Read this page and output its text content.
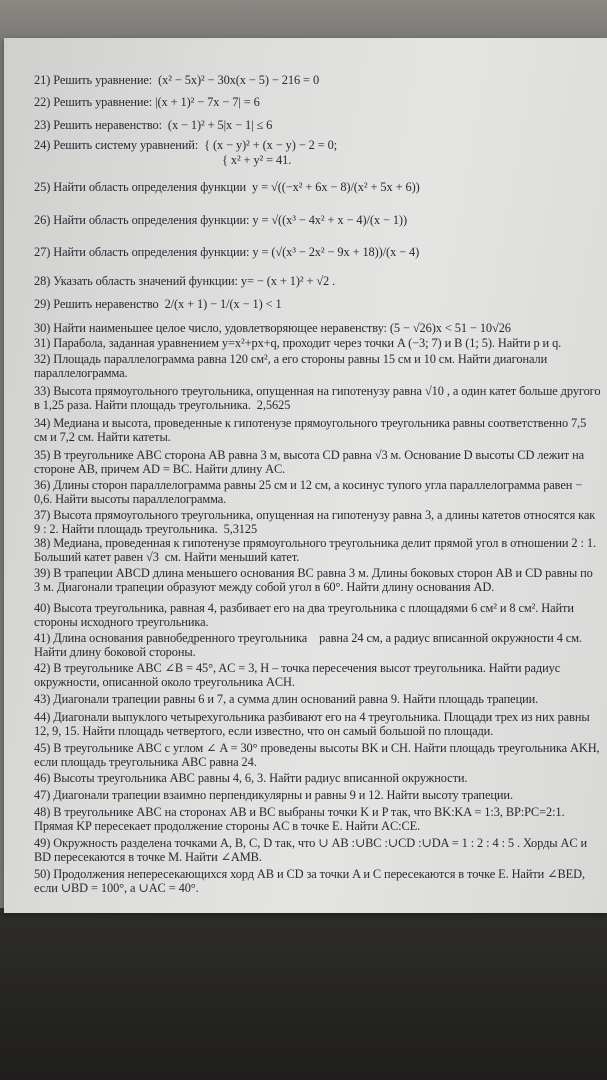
21) Решить уравнение:  (x² − 5x)² − 30x(x − 5) − 216 = 0
22) Решить уравнение: |(x + 1)² − 7x − 7| = 6
23) Решить неравенство:  (x − 1)² + 5|x − 1| ≤ 6
24) Решить систему уравнений:  { (x − y)² + (x − y) − 2 = 0;
{ x² + y² = 41.
25) Найти область определения функции  y = √((−x² + 6x − 8)/(x² + 5x + 6))
26) Найти область определения функции: y = √((x³ − 4x² + x − 4)/(x − 1))
27) Найти область определения функции: y = (√(x³ − 2x² − 9x + 18))/(x − 4)
28) Указать область значений функции: y= − (x + 1)² + √2 .
29) Решить неравенство  2/(x + 1) − 1/(x − 1) < 1
30) Найти наименьшее целое число, удовлетворяющее неравенству: (5 − √26)x < 51 − 10√26
31) Парабола, заданная уравнением y=x²+px+q, проходит через точки A (−3; 7) и B (1; 5). Найти p и q.
32) Площадь параллелограмма равна 120 см², а его стороны равны 15 см и 10 см. Найти диагонали параллелограмма.
33) Высота прямоугольного треугольника, опущенная на гипотенузу равна √10 , а один катет больше другого в 1,25 раза. Найти площадь треугольника.  2,5625
34) Медиана и высота, проведенные к гипотенузе прямоугольного треугольника равны соответственно 7,5 см и 7,2 см. Найти катеты.
35) В треугольнике ABC сторона AB равна 3 м, высота CD равна √3 м. Основание D высоты CD лежит на стороне AB, причем AD = BC. Найти длину AC.
36) Длины сторон параллелограмма равны 25 см и 12 см, а косинус тупого угла параллелограмма равен − 0,6. Найти высоты параллелограмма.
37) Высота прямоугольного треугольника, опущенная на гипотенузу равна 3, а длины катетов относятся как 9 : 2. Найти площадь треугольника.  5,3125
38) Медиана, проведенная к гипотенузе прямоугольного треугольника делит прямой угол в отношении 2 : 1. Больший катет равен √3  см. Найти меньший катет.
39) В трапеции ABCD длина меньшего основания BC равна 3 м. Длины боковых сторон AB и CD равны по 3 м. Диагонали трапеции образуют между собой угол в 60°. Найти длину основания AD.
40) Высота треугольника, равная 4, разбивает его на два треугольника с площадями 6 см² и 8 см². Найти стороны исходного треугольника.
41) Длина основания равнобедренного треугольника    равна 24 см, а радиус вписанной окружности 4 см.    Найти длину боковой стороны.
42) В треугольнике ABC ∠B = 45°, AC = 3, H – точка пересечения высот треугольника. Найти радиус окружности, описанной около треугольника ACH.
43) Диагонали трапеции равны 6 и 7, а сумма длин оснований равна 9. Найти площадь трапеции.
44) Диагонали выпуклого четырехугольника разбивают его на 4 треугольника. Площади трех из них равны 12, 9, 15. Найти площадь четвертого, если известно, что он самый большой по площади.
45) В треугольнике ABC с углом ∠ A = 30° проведены высоты BK и CH. Найти площадь треугольника AKH, если площадь треугольника ABC равна 24.
46) Высоты треугольника ABC равны 4, 6, 3. Найти радиус вписанной окружности.
47) Диагонали трапеции взаимно перпендикулярны и равны 9 и 12. Найти высоту трапеции.
48) В треугольнике ABC на сторонах AB и BC выбраны точки K и P так, что BK:KA = 1:3, BP:PC=2:1. Прямая KP пересекает продолжение стороны AC в точке E. Найти AC:CE.
49) Окружность разделена точками A, B, C, D так, что ∪ AB :∪BC :∪CD :∪DA = 1 : 2 : 4 : 5 . Хорды AC и BD пересекаются в точке M. Найти ∠AMB.
50) Продолжения непересекающихся хорд AB и CD за точки A и C пересекаются в точке E. Найти ∠BED, если ∪BD = 100°, а ∪AC = 40°.
